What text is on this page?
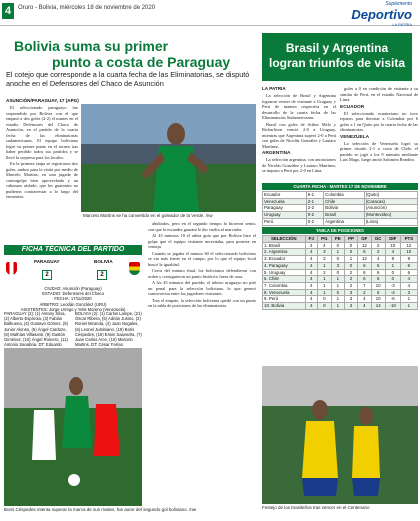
4	Oruro - Bolivia, miércoles 18 de noviembre de 2020
Suplemento
Deportivo
LA PATRIA
Bolivia suma su primer
punto a costa de Paraguay
El cotejo que corresponde a la cuarta fecha de las Eliminatorias, se disputó anoche en el Defensores del Chaco de Asunción
ASUNCIÓN/PARAGUAY, 17 (APG)

El seleccionado paraguayo fue sorprendido por Bolivia con el que empató a dos goles (2-2) el martes en el estadio Defensores del Chaco de Asunción, en el partido de la cuarta fecha de las eliminatorias sudamericanas. El equipo boliviano logró su primer punto en el torneo tras haber perdido todos sus partidos y se llevó la sorpresa para los locales.

En la primera etapa se registraron dos goles, ambos para la visita por medio de Marcelo Martins, en una jugada de contragolpe bien aprovechada y un cabezazo aislado, que los guaraníes no pudieron contrarrestar a lo largo del encuentro.

Marcelo Martins se ha convertido en el goleador de la Verde. /nw

abultados, pero en el segundo tiempo lo hicieron sentir, con que la escuadra guaraní le dio vuelta al marcador.

Al 45 minutos 18 el atleta guía que por Bolivia hizo el golpe que el equipo visitante necesitaba, para ponerse en ventaja.

Cuando se jugaba el minuto 60 el seleccionado boliviano se vio más fuerte en el campo, por lo que el equipo local buscó la igualdad.

Cerca del minuto final, los bolivianos defendieron con orden y consiguieron un punto histórico fuera de casa.

A los 45 minutos del partido, el árbitro uruguayo no pitó un penal para la selección boliviana, lo que generó controversia entre los jugadores visitantes.

Tras el empate, la selección boliviana quedó con un punto en la tabla de posiciones de las eliminatorias.

FICHA TÉCNICA DEL PARTIDO
PARAGUAY
2
BOLIVIA
2
CIUDAD: Asunción (Paraguay)
ESTADIO: Defensores del Chaco
FECHA: 17/11/2020
ÁRBITRO: Leodán González (URU)
ASISTENTES: Jorge Urrego y Yelis Moreno (Venezuela)
PARAGUAY (2): (1) Antony Silva, (2) Alberto Espínola, (3) Fabián Balbuena, (4) Gustavo Gómez, (5) Junior Alonso, (6) Ángel Cardozo, (8) Mathías Villasanti, (9) Gastón Giménez, (10) Ángel Romero, (11) Antonio Sanabria. DT: Eduardo
BOLIVIA (2): (1) Carlos Lampe, (21) Óscar Ribera, (5) Adrián Jusino, (2) Roniel Miranda, (4) Juan Nogales, (6) Leonel Justiniano, (19) Boris Céspedes, (16) Erwin Saavedra, (7) Juan Carlos Arce, (10) Marcelo Martins. DT: César Farías.
Boris Céspedes intenta superar la marca de sus rivales, fue autor del segundo gol boliviano. /nw
Brasil y Argentina
logran triunfos de visita
LA PATRIA

La selección de Brasil y Argentina lograron vencer de visitante a Uruguay y Perú de manera respectiva en el desarrollo de la cuarta fecha de las Eliminatorias Sudamericanas.

Brasil con goles de Arthur Melo y Richarlison venció 2-0 a Uruguay, mientras que Argentina superó 2-0 a Perú con goles de Nicolás González y Lautaro Martínez.

ARGENTINA

La selección argentina, con anotaciones de Nicolás González y Lautaro Martínez, se impuso a Perú por 2-0 en Lima.

goles a 0 en condición de visitante a su similar de Perú, en el estadio Nacional de Lima.

ECUADOR

El seleccionado ecuatoriano no tuvo reparos para derrotar a Colombia por 6 goles a 1 en Quito por la cuarta fecha de las eliminatorias.

VENEZUELA

La selección de Venezuela logró su primer triunfo 2-1 a costa de Chile, el partido se jugó a los 9 minutos mediante Luis Mago, luego anotó Salomón Rondón.

CUARTA FECHA - MARTES 17 DE NOVIEMBRE
Ecuador	6-1	Colombia	(Quito)
Venezuela	2-1	Chile	(Caracas)
Paraguay	2-2	Bolivia	(Asunción)
Uruguay	0-2	Brasil	(Montevideo)
Perú	0-2	Argentina	(Lima)
TABLA DE POSICIONES
SELECCIÓN	PJ	PG	PE	PP	GF	GC	DIF	PTS
1. Brasil	4	4	0	0	12	2	10	12
2. Argentina	4	3	1	0	6	2	4	10
3. Ecuador	4	3	0	1	12	4	8	9
4. Paraguay	4	1	3	0	6	5	1	6
5. Uruguay	4	2	0	2	6	6	0	6
6. Chile	4	1	1	2	6	6	0	4
7. Colombia	4	1	1	2	7	10	-3	4
8. Venezuela	4	1	0	3	2	6	-4	3
9. Perú	4	0	1	3	4	10	-6	1
10. Bolivia	4	0	1	3	4	14	-10	1
Festejo de los brasileños tras vencer en el Centenario
